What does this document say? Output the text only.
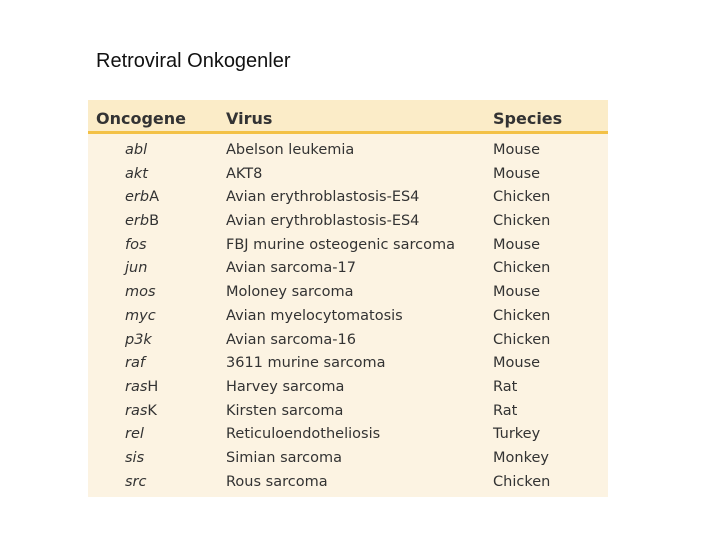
Retroviral Onkogenler
Oncogene Virus	Species
abl	Abelson leukemia	Mouse
akt	AKT8	Mouse
erbA	Avian erythroblastosis-ES4	Chicken
erbB	Avian erythroblastosis-ES4	Chicken
fos	FBJ murine osteogenic sarcoma	Mouse
jun	Avian sarcoma-17	Chicken
mos	Moloney sarcoma	Mouse
myc	Avian myelocytomatosis	Chicken
p3k	Avian sarcoma-16	Chicken
raf	3611 murine sarcoma	Mouse
rasH	Harvey sarcoma	Rat
rasK	Kirsten sarcoma	Rat
rel	Reticuloendotheliosis	Turkey
sis	Simian sarcoma	Monkey
src	Rous sarcoma	Chicken
